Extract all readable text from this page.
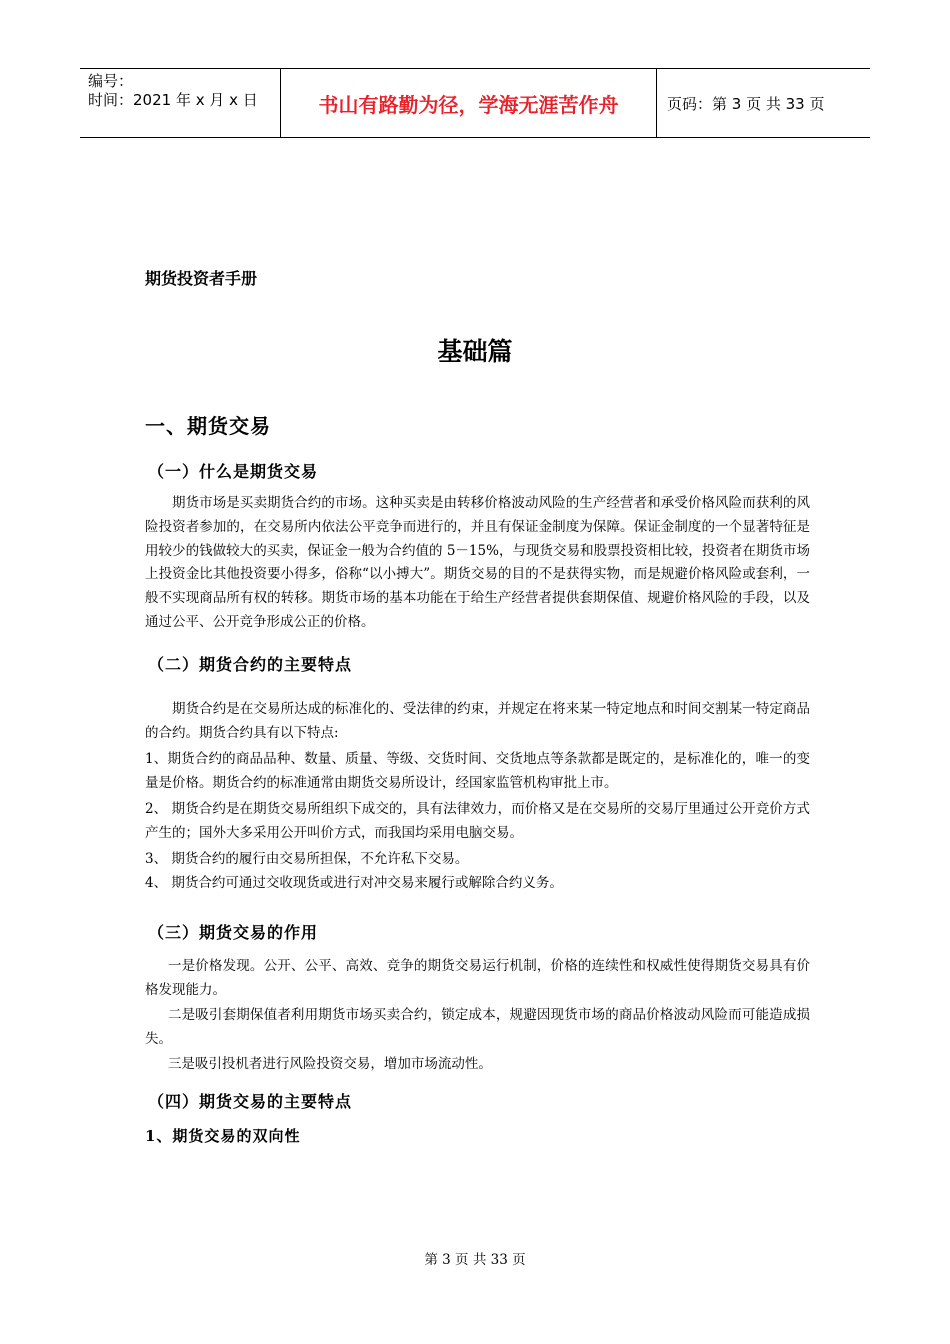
编号：
时间：2021 年 x 月 x 日	书山有路勤为径，学海无涯苦作舟	页码：第 3 页 共 33 页
期货投资者手册
基础篇
一、期货交易
（一）什么是期货交易
期货市场是买卖期货合约的市场。这种买卖是由转移价格波动风险的生产经营者和承受价格风险而获利的风险投资者参加的，在交易所内依法公平竞争而进行的，并且有保证金制度为保障。保证金制度的一个显著特征是用较少的钱做较大的买卖，保证金一般为合约值的 5－15%，与现货交易和股票投资相比较，投资者在期货市场上投资金比其他投资要小得多，俗称“以小搏大”。期货交易的目的不是获得实物，而是规避价格风险或套利，一般不实现商品所有权的转移。期货市场的基本功能在于给生产经营者提供套期保值、规避价格风险的手段，以及通过公平、公开竞争形成公正的价格。
（二）期货合约的主要特点
期货合约是在交易所达成的标准化的、受法律的约束，并规定在将来某一特定地点和时间交割某一特定商品的合约。期货合约具有以下特点:
1、期货合约的商品品种、数量、质量、等级、交货时间、交货地点等条款都是既定的，是标准化的，唯一的变量是价格。期货合约的标准通常由期货交易所设计，经国家监管机构审批上市。
2、 期货合约是在期货交易所组织下成交的，具有法律效力，而价格又是在交易所的交易厅里通过公开竞价方式产生的；国外大多采用公开叫价方式，而我国均采用电脑交易。
3、 期货合约的履行由交易所担保，不允许私下交易。
4、 期货合约可通过交收现货或进行对冲交易来履行或解除合约义务。
（三）期货交易的作用
一是价格发现。公开、公平、高效、竞争的期货交易运行机制，价格的连续性和权威性使得期货交易具有价格发现能力。
二是吸引套期保值者利用期货市场买卖合约，锁定成本，规避因现货市场的商品价格波动风险而可能造成损失。
三是吸引投机者进行风险投资交易，增加市场流动性。
（四）期货交易的主要特点
1、期货交易的双向性
第 3 页 共 33 页
